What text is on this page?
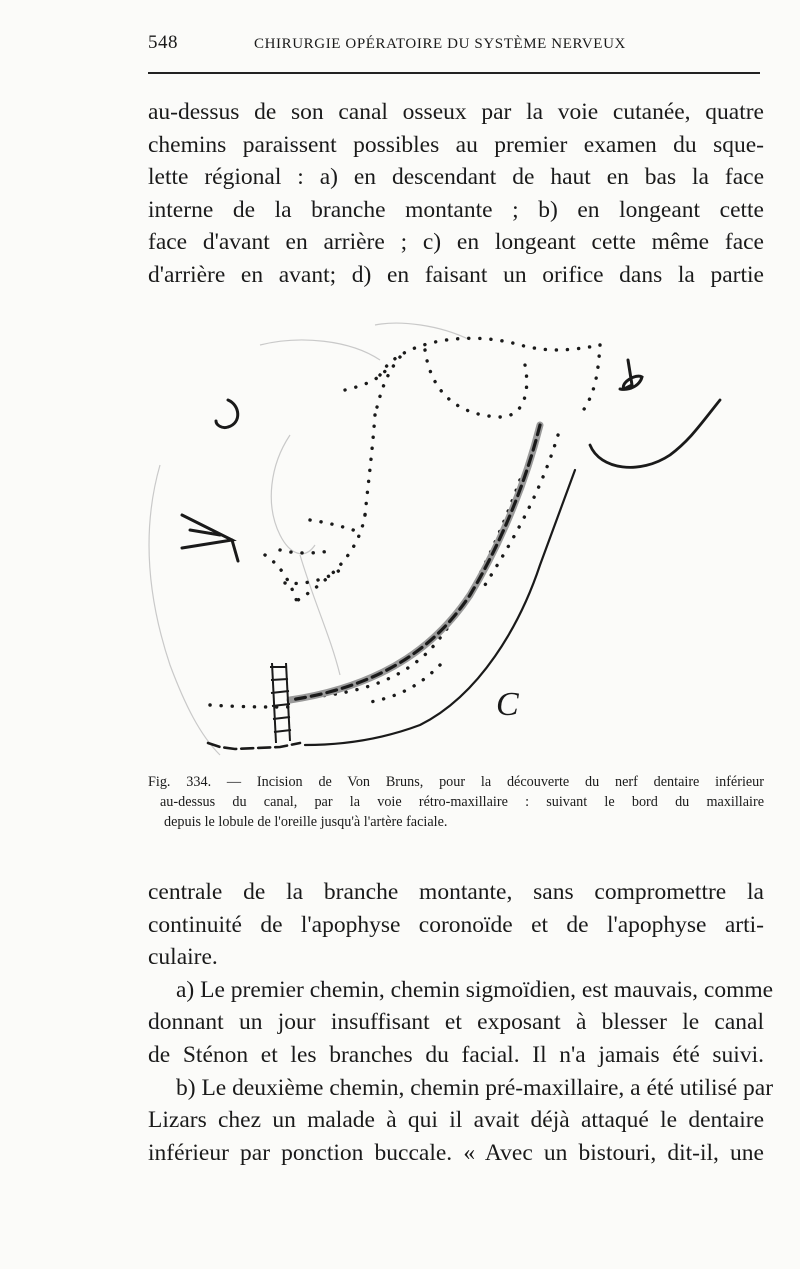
548	CHIRURGIE OPÉRATOIRE DU SYSTÈME NERVEUX

au-dessus de son canal osseux par la voie cutanée, quatre
chemins paraissent possibles au premier examen du sque-
lette régional : a) en descendant de haut en bas la face
interne de la branche montante ; b) en longeant cette
face d'avant en arrière ; c) en longeant cette même face
d'arrière en avant; d) en faisant un orifice dans la partie

C

Fig. 334. — Incision de Von Bruns, pour la découverte du nerf dentaire inférieur
au-dessus du canal, par la voie rétro-maxillaire : suivant le bord du maxillaire
depuis le lobule de l'oreille jusqu'à l'artère faciale.

centrale de la branche montante, sans compromettre la
continuité de l'apophyse coronoïde et de l'apophyse arti-
culaire.
a) Le premier chemin, chemin sigmoïdien, est mauvais, comme
donnant un jour insuffisant et exposant à blesser le canal
de Sténon et les branches du facial. Il n'a jamais été suivi.
b) Le deuxième chemin, chemin pré-maxillaire, a été utilisé par
Lizars chez un malade à qui il avait déjà attaqué le dentaire
inférieur par ponction buccale. « Avec un bistouri, dit-il, une
